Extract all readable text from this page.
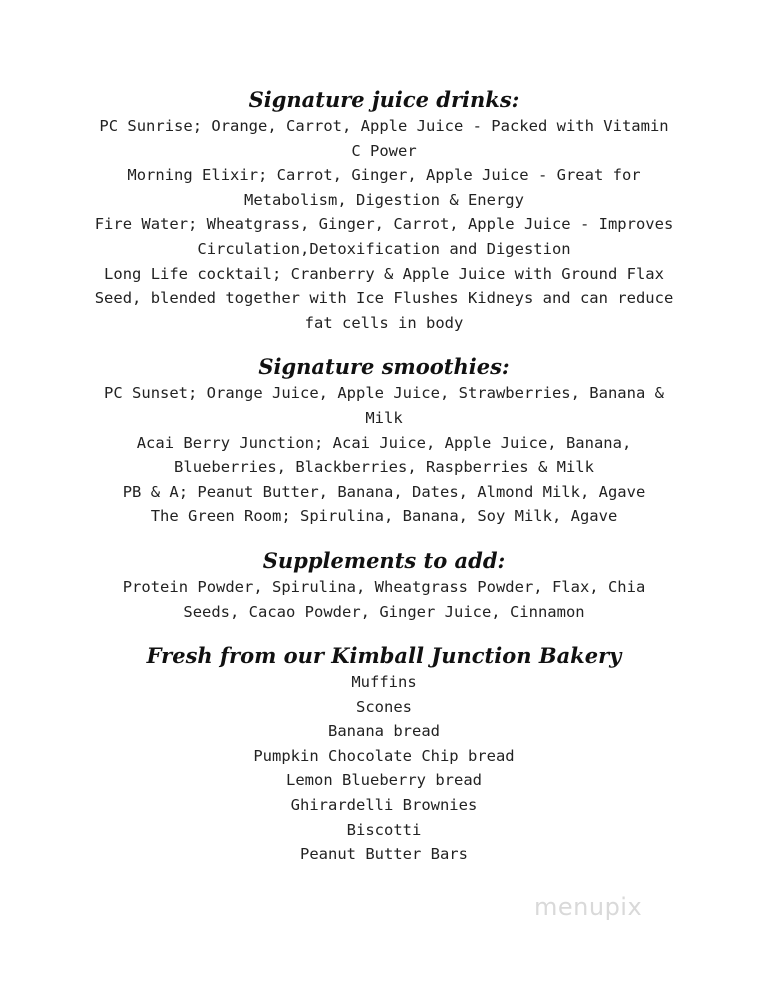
Signature juice drinks:

PC Sunrise; Orange, Carrot, Apple Juice - Packed with Vitamin

C Power

Morning Elixir; Carrot, Ginger, Apple Juice - Great for

Metabolism, Digestion & Energy

Fire Water; Wheatgrass, Ginger, Carrot, Apple Juice - Improves

Circulation,Detoxification and Digestion

Long Life cocktail; Cranberry & Apple Juice with Ground Flax

Seed, blended together with Ice Flushes Kidneys and can reduce

fat cells in body

Signature smoothies:

PC Sunset; Orange Juice, Apple Juice, Strawberries, Banana &

Milk

Acai Berry Junction; Acai Juice, Apple Juice, Banana,

Blueberries, Blackberries, Raspberries & Milk

PB & A; Peanut Butter, Banana, Dates, Almond Milk, Agave

The Green Room; Spirulina, Banana, Soy Milk, Agave

Supplements to add:

Protein Powder, Spirulina, Wheatgrass Powder, Flax, Chia

Seeds, Cacao Powder, Ginger Juice, Cinnamon

Fresh from our Kimball Junction Bakery

Muffins

Scones

Banana bread

Pumpkin Chocolate Chip bread

Lemon Blueberry bread

Ghirardelli Brownies

Biscotti

Peanut Butter Bars

menupix
